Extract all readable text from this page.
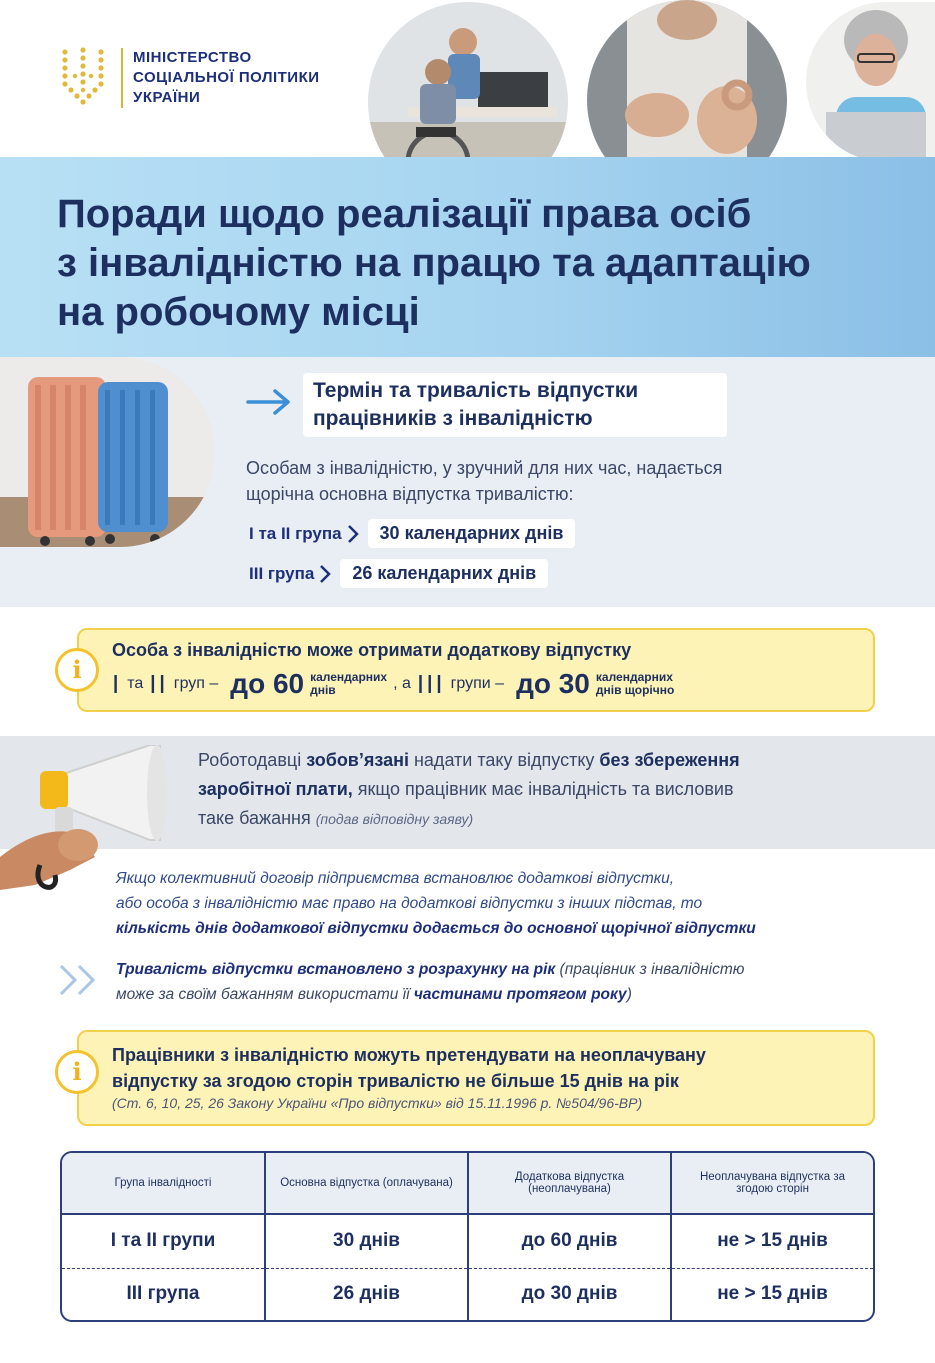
МІНІСТЕРСТВО
СОЦІАЛЬНОЇ ПОЛІТИКИ
УКРАЇНИ
Поради щодо реалізації права осіб
з інвалідністю на працю та адаптацію
на робочому місці
Термін та тривалість відпустки
працівників з інвалідністю
Особам з інвалідністю, у зручний для них час, надається
щорічна основна відпустка тривалістю:
I та II група	30 календарних днів
III група	26 календарних днів
i
Особа з інвалідністю може отримати додаткову відпустку
I та II груп – до 60 календарних
днів	, а III групи – до 30 календарних
днів щорічно
Роботодавці зобов’язані надати таку відпустку без збереження
заробітної плати, якщо працівник має інвалідність та висловив
таке бажання (подав відповідну заяву)
Якщо колективний договір підприємства встановлює додаткові відпустки,
або особа з інвалідністю має право на додаткові відпустки з інших підстав, то
кількість днів додаткової відпустки додається до основної щорічної відпустки
Тривалість відпустки встановлено з розрахунку на рік (працівник з інвалідністю
може за своїм бажанням використати її частинами протягом року)
i
Працівники з інвалідністю можуть претендувати на неоплачувану
відпустку за згодою сторін тривалістю не більше 15 днів на рік
(Ст. 6, 10, 25, 26 Закону України «Про відпустки» від 15.11.1996 р. №504/96-ВР)
Група інвалідності	Основна відпустка (оплачувана)	Додаткова відпустка (неоплачувана)	Неоплачувана відпустка за згодою сторін
I та II групи	30 днів	до 60 днів	не > 15 днів
III група	26 днів	до 30 днів	не > 15 днів
